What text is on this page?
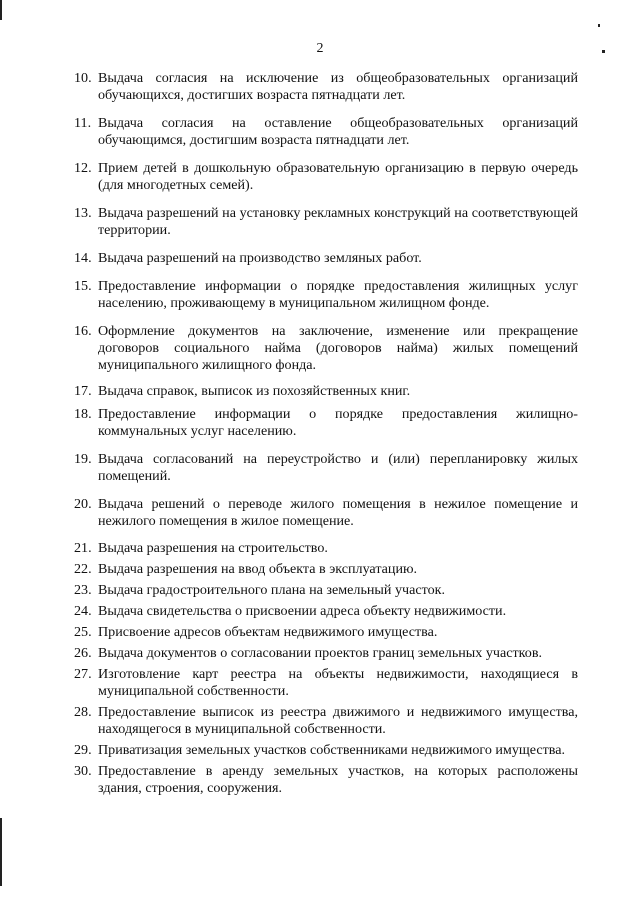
2
10. Выдача согласия на исключение из общеобразовательных организаций обучающихся, достигших возраста пятнадцати лет.
11. Выдача согласия на оставление общеобразовательных организаций обучающимся, достигшим возраста пятнадцати лет.
12. Прием детей в дошкольную образовательную организацию в первую очередь (для многодетных семей).
13. Выдача разрешений на установку рекламных конструкций на соответствующей территории.
14. Выдача разрешений на производство земляных работ.
15. Предоставление информации о порядке предоставления жилищных услуг населению, проживающему в муниципальном жилищном фонде.
16. Оформление документов на заключение, изменение или прекращение договоров социального найма (договоров найма) жилых помещений муниципального жилищного фонда.
17. Выдача справок, выписок из похозяйственных книг.
18. Предоставление информации о порядке предоставления жилищно-коммунальных услуг населению.
19. Выдача согласований на переустройство и (или) перепланировку жилых помещений.
20. Выдача решений о переводе жилого помещения в нежилое помещение и нежилого помещения в жилое помещение.
21. Выдача разрешения на строительство.
22. Выдача разрешения на ввод объекта в эксплуатацию.
23. Выдача градостроительного плана на земельный участок.
24. Выдача свидетельства о присвоении адреса объекту недвижимости.
25. Присвоение адресов объектам недвижимого имущества.
26. Выдача документов о согласовании проектов границ земельных участков.
27. Изготовление карт реестра на объекты недвижимости, находящиеся в муниципальной собственности.
28. Предоставление выписок из реестра движимого и недвижимого имущества, находящегося в муниципальной собственности.
29. Приватизация земельных участков собственниками недвижимого имущества.
30. Предоставление в аренду земельных участков, на которых расположены здания, строения, сооружения.
